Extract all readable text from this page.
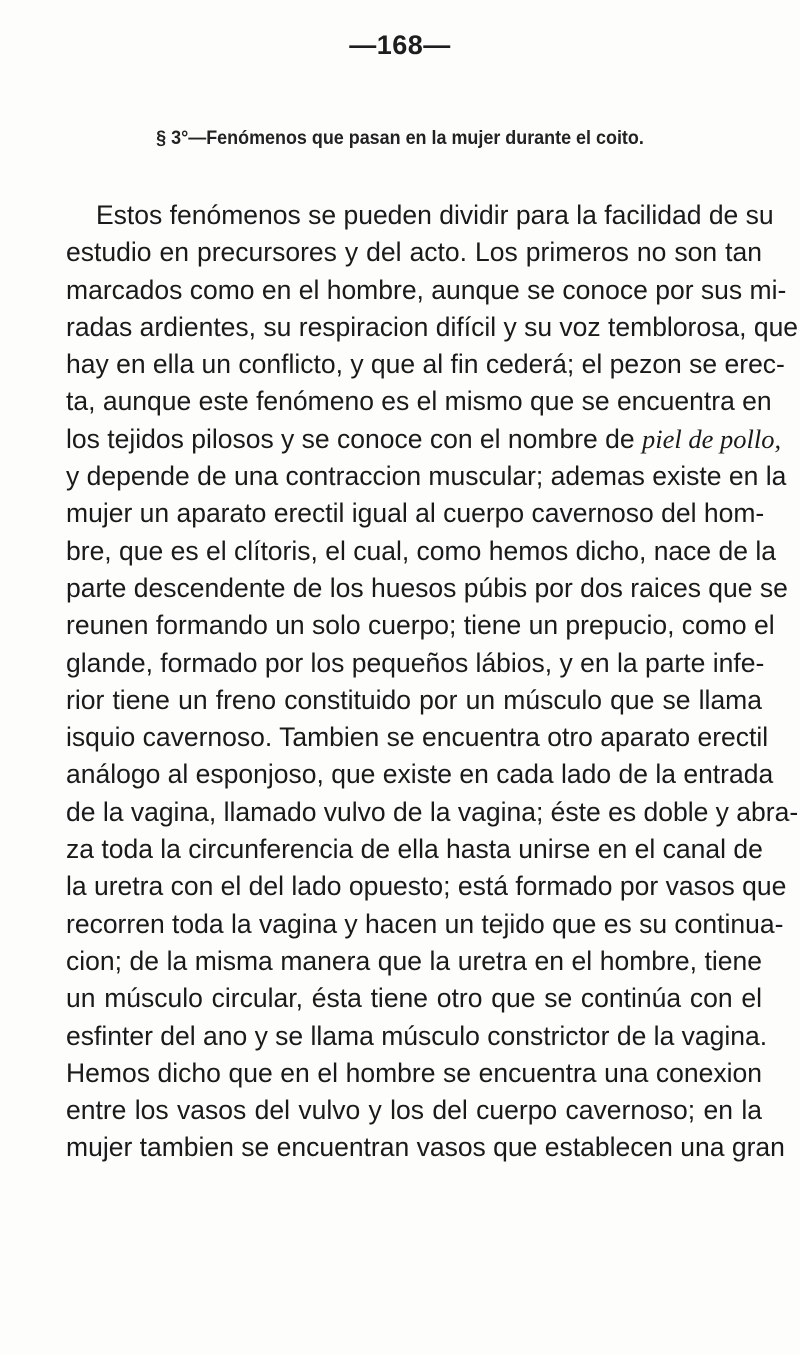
—168—
§ 3°—Fenómenos que pasan en la mujer durante el coito.
Estos fenómenos se pueden dividir para la facilidad de su
estudio en precursores y del acto. Los primeros no son tan
marcados como en el hombre, aunque se conoce por sus mi-
radas ardientes, su respiracion difícil y su voz temblorosa, que
hay en ella un conflicto, y que al fin cederá; el pezon se erec-
ta, aunque este fenómeno es el mismo que se encuentra en
los tejidos pilosos y se conoce con el nombre de piel de pollo,
y depende de una contraccion muscular; ademas existe en la
mujer un aparato erectil igual al cuerpo cavernoso del hom-
bre, que es el clítoris, el cual, como hemos dicho, nace de la
parte descendente de los huesos púbis por dos raices que se
reunen formando un solo cuerpo; tiene un prepucio, como el
glande, formado por los pequeños lábios, y en la parte infe-
rior tiene un freno constituido por un músculo que se llama
isquio cavernoso. Tambien se encuentra otro aparato erectil
análogo al esponjoso, que existe en cada lado de la entrada
de la vagina, llamado vulvo de la vagina; éste es doble y abra-
za toda la circunferencia de ella hasta unirse en el canal de
la uretra con el del lado opuesto; está formado por vasos que
recorren toda la vagina y hacen un tejido que es su continua-
cion; de la misma manera que la uretra en el hombre, tiene
un músculo circular, ésta tiene otro que se continúa con el
esfinter del ano y se llama músculo constrictor de la vagina.
Hemos dicho que en el hombre se encuentra una conexion
entre los vasos del vulvo y los del cuerpo cavernoso; en la
mujer tambien se encuentran vasos que establecen una gran
